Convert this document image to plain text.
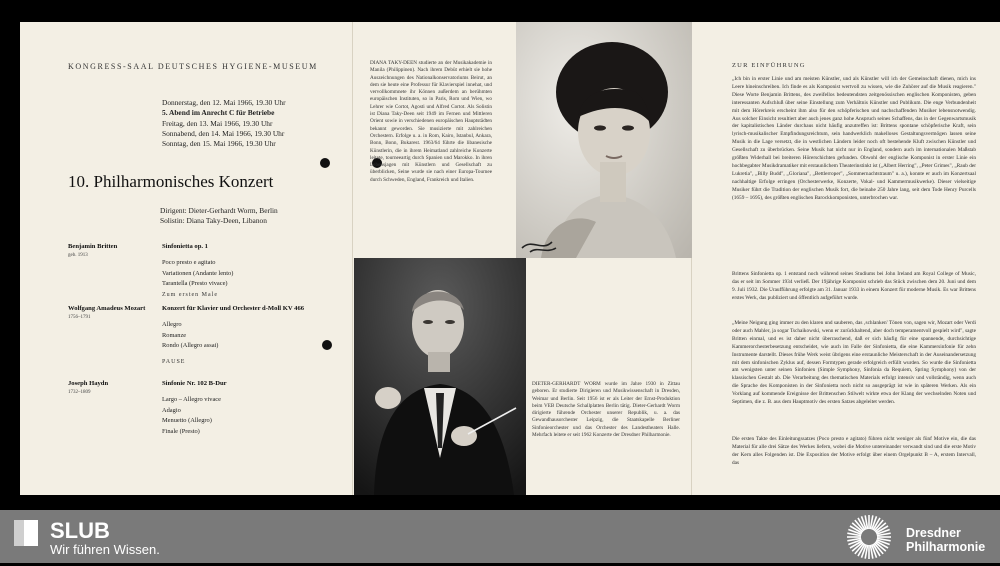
KONGRESS-SAAL DEUTSCHES HYGIENE-MUSEUM
Donnerstag, den 12. Mai 1966, 19.30 Uhr
5. Abend im Anrecht C für Betriebe
Freitag, den 13. Mai 1966, 19.30 Uhr
Sonnabend, den 14. Mai 1966, 19.30 Uhr
Sonntag, den 15. Mai 1966, 19.30 Uhr
10. Philharmonisches Konzert
Dirigent: Dieter-Gerhardt Worm, Berlin
Solistin: Diana Taky-Deen, Libanon
Benjamin Britten
geb. 1913
Sinfonietta op. 1
Poco presto e agitato
Variationen (Andante lento)
Tarantella (Presto vivace)
Zum ersten Male
Wolfgang Amadeus Mozart
1756–1791
Konzert für Klavier und Orchester d-Moll KV 466
Allegro
Romanze
Rondo (Allegro assai)
PAUSE
Joseph Haydn
1732–1809
Sinfonie Nr. 102 B-Dur
Largo – Allegro vivace
Adagio
Menuetto (Allegro)
Finale (Presto)
DIANA TAKY-DEEN studierte an der Musikakademie in Manila (Philippinen). Nach ihrem Debüt erhielt sie hohe Auszeichnungen des Nationalkonservatoriums Beirut, an dem sie heute eine Professur für Klavierspiel innehat, und vervollkommnete ihr Können außerdem an berühmten europäischen Instituten, so in Paris, Rom und Wien, wo Lehrer wie Cortot, Agosti und Alfred Cortot. Als Solistin ist Diana Taky-Deen seit 1949 im Fernen und Mittleren Orient sowie in verschiedenen europäischen Hauptstädten bekannt geworden. Sie musizierte mit zahlreichen Orchestern. Erfolge u. a. in Rom, Kairo, Istanbul, Ankara, Bonn, Bonn, Bukarest. 1963/64 führte die libanesische Künstlerin, die in ihrem Heimatland zahlreiche Konzerte leitete, tourneeartig durch Spanien und Marokko. In ihren Lebensjagen mit Künstlern und Gesellschaft zu überblicken, Seine wurde sie nach einer Europa-Tournee durch Schweden, England, Frankreich und Italien.
DIETER-GERHARDT WORM wurde im Jahre 1930 in Zittau geboren. Er studierte Dirigieren und Musikwissenschaft in Dresden, Weimar und Berlin. Seit 1956 ist er als Leiter der Ernst-Produktion beim VEB Deutsche Schallplatten Berlin tätig. Dieter-Gerhardt Worm dirigierte führende Orchester unserer Republik, u. a. das Gewandhausorchester Leipzig, die Staatskapelle Berliner Sinfonieorchester und das Orchester des Landestheaters Halle. Mehrfach leitete er seit 1962 Konzerte der Dresdner Philharmonie.
ZUR EINFÜHRUNG
„Ich bin in erster Linie und am meisten Künstler, und als Künstler will ich der Gemeinschaft dienen, mich ins Leere hineinschreiben. Ich finde es als Komponist wertvoll zu wissen, wie die Zuhörer auf die Musik reagieren." Diese Worte Benjamin Brittens, des zweifellos bedeutendsten zeitgenössischen englischen Komponisten, geben interessanten Aufschluß über seine Einstellung zum Verhältnis Künstler und Publikum. Die enge Verbundenheit mit dem Hörerkreis erscheint ihm also für den schöpferischen und nachschaffenden Musiker lebensnotwendig. Aus solcher Einsicht resultiert aber auch jenes ganz hohe Anspruch seines Schaffens, das in der Gegenwartsmusik der kapitalistischen Länder durchaus nicht häufig anzutreffen ist: Brittens spontane schöpferische Kraft, sein lyrisch-musikalischer Empfindungsreichtum, sein handwerklich makelloses Gestaltungsvermögen lassen seine Musik in die Lage versetzt, die in westlichen Ländern leider noch oft bestehende Kluft zwischen Künstler und Gesellschaft zu überbrücken. Seine Musik hat nicht nur in England, sondern auch im internationalen Maßstab größten Widerhall bei breiteren Hörerschichten gefunden. Obwohl der englische Komponist in erster Linie ein hochbegabter Musikdramatiker mit erstaunlichem Theaterinstinkt ist („Albert Herring", „Peter Grimes", „Raub der Lukretia", „Billy Budd", „Gloriana", „Bettlerroper", „Sommernachtstraum" u. a.), konnte er auch im Konzertsaal nachhaltige Erfolge erringen (Orchesterwerke, Konzerte, Vokal- und Kammermusikwerke). Dieser vielseitige Musiker führt die Tradition der englischen Musik fort, die beinahe 250 Jahre lang, seit dem Tode Henry Purcells (1659 – 1695), des größten englischen Barockkomponisten, unterbrochen war.
Brittens Sinfonietta op. 1 entstand noch während seines Studiums bei John Ireland am Royal College of Music, das er seit im Sommer 1934 verließ. Der 19jährige Komponist schrieb das Stück zwischen dem 20. Juni und dem 9. Juli 1932. Die Uraufführung erfolgte am 31. Januar 1933 in einem Konzert für moderne Musik. Es war Brittens erstes Werk, das publiziert und öffentlich aufgeführt wurde.
„Meine Neigung ging immer zu den klaren und sauberen, das ‚schlanken' Tönen von, sagen wir, Mozart oder Verdi oder auch Mahler, ja sogar Tschaikowski, wenn er zurückhaltend, aber doch temperamentvoll gespielt wird", sagte Britten einmal, und es ist daher nicht überraschend, daß er sich häufig für eine spannende, durchsichtige Kammerorchesterbesetzung entscheidet, wie auch im Falle der Sinfonietta, die eine Kammersinfonie für zehn Instrumente darstellt. Dieses frühe Werk weist übrigens eine erstaunliche Meisterschaft in der Auseinandersetzung mit dem sinfonischen Zyklus auf, dessen Formtypen gerade erfolgreich erfüllt wurden. So wurde die Sinfonietta am wenigsten unter seinen Sinfonien (Simple Symphony, Sinfonia da Requiem, Spring Symphony) von der klassischen Gestalt ab. Die Verarbeitung des thematischen Materials erfolgt intensiv und vollständig, wenn auch die Sprache des Komponisten in der Sinfonietta noch nicht so ausgeprägt ist wie in späteren Werken. Als ein Vorklang auf kommende Ereignisse der Brittenschen Stilwelt wirkte etwa der Klang der wechselnden Noten und Septimen, die z. B. aus dem Hauptmotiv des ersten Satzes abgeleitet werden.
Die ersten Takte des Einleitungssatzes (Poco presto e agitato) führen nicht weniger als fünf Motive ein, die das Material für alle drei Sätze des Werkes liefern, wobei die Motive untereinander verwandt sind und die erste Motiv der Kern alles Folgenden ist. Die Exposition der Motive erfolgt über einem Orgelpunkt B – A, erstem Intervall, das
SLUB
Wir führen Wissen.
Dresdner
Philharmonie
